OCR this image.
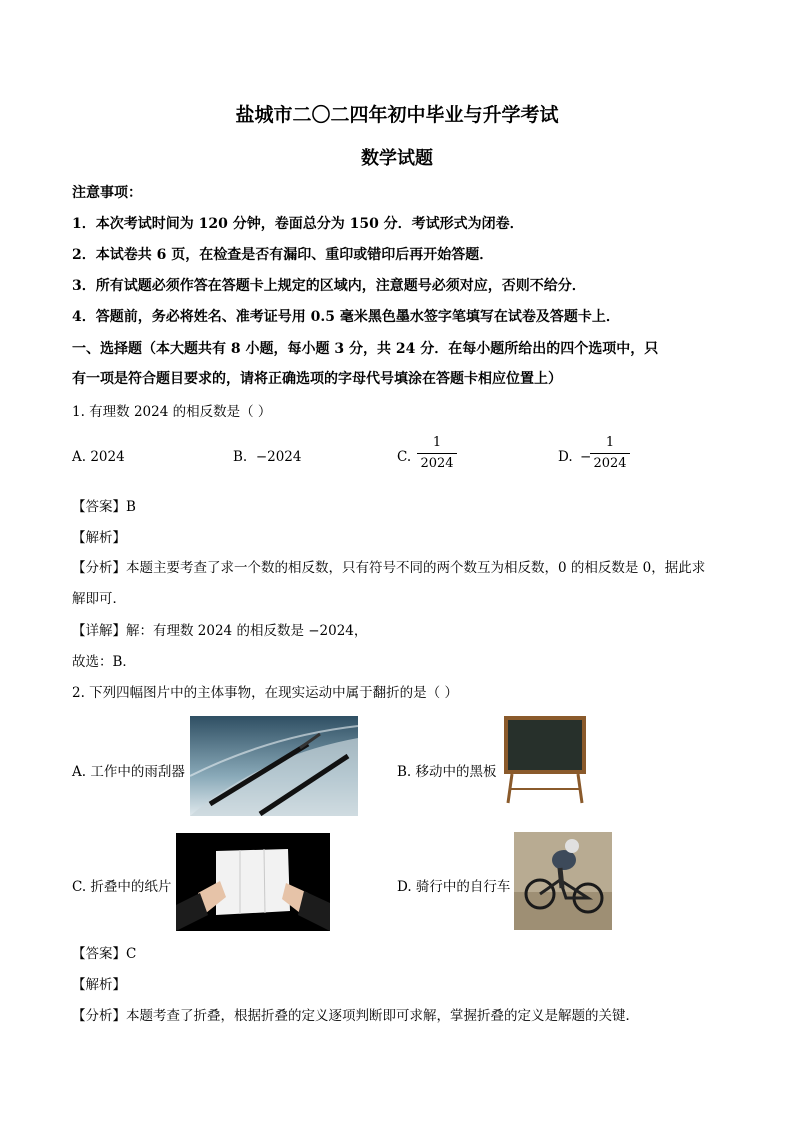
盐城市二〇二四年初中毕业与升学考试
数学试题
注意事项：
1．本次考试时间为 120 分钟，卷面总分为 150 分．考试形式为闭卷．
2．本试卷共 6 页，在检查是否有漏印、重印或错印后再开始答题．
3．所有试题必须作答在答题卡上规定的区域内，注意题号必须对应，否则不给分．
4．答题前，务必将姓名、准考证号用 0.5 毫米黑色墨水签字笔填写在试卷及答题卡上．
一、选择题（本大题共有 8 小题，每小题 3 分，共 24 分．在每小题所给出的四个选项中，只
有一项是符合题目要求的，请将正确选项的字母代号填涂在答题卡相应位置上）
1. 有理数 2024 的相反数是（ ）
A. 2024	B. −2024	C.
1
2024	D. −
1
2024
【答案】B
【解析】
【分析】本题主要考查了求一个数的相反数，只有符号不同的两个数互为相反数，0 的相反数是 0，据此求
解即可．
【详解】解：有理数 2024 的相反数是 −2024，
故选：B．
2. 下列四幅图片中的主体事物，在现实运动中属于翻折的是（ ）
A. 工作中的雨刮器	B. 移动中的黑板
C. 折叠中的纸片	D. 骑行中的自行车
【答案】C
【解析】
【分析】本题考查了折叠，根据折叠的定义逐项判断即可求解，掌握折叠的定义是解题的关键．
